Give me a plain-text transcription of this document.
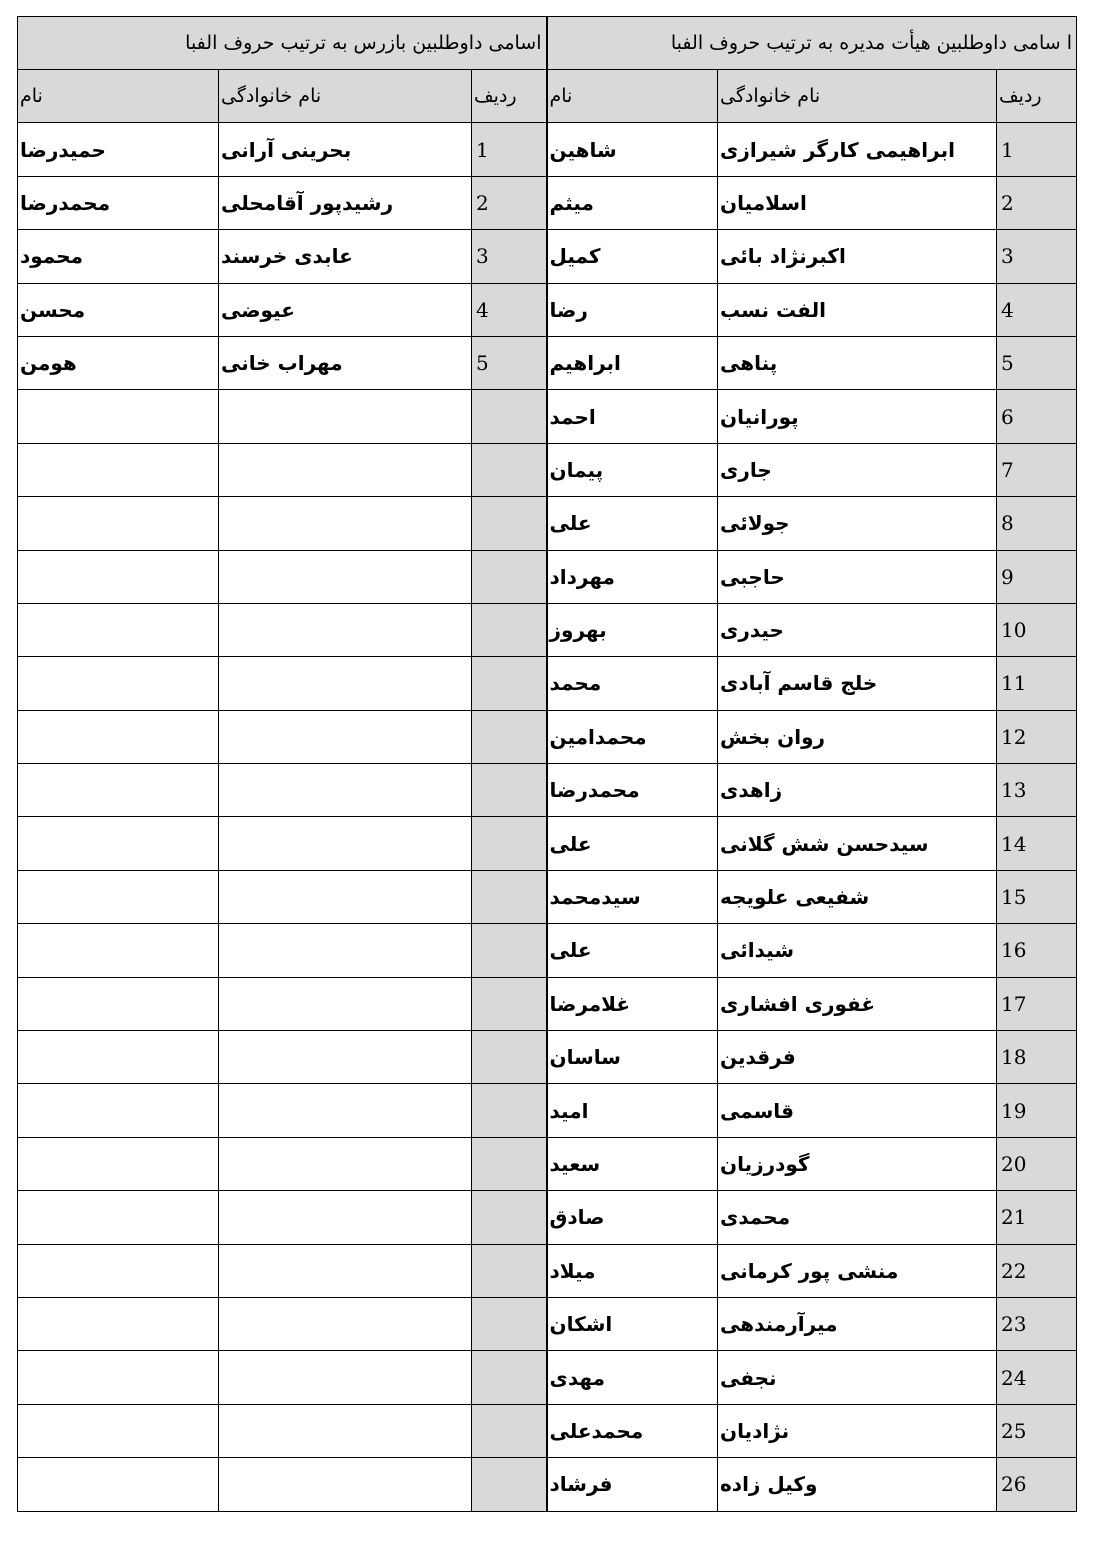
ا سامی داوطلبین هیأت مدیره به ترتیب حروف الفبا			اسامی داوطلبین بازرس به ترتیب حروف الفبا		
ردیف	نام خانوادگی	نام	ردیف	نام خانوادگی	نام
1	ابراهیمی کارگر شیرازی	شاهین	1	بحرینی آرانی	حمیدرضا
2	اسلامیان	میثم	2	رشیدپور آقامحلی	محمدرضا
3	اکبرنژاد بائی	کمیل	3	عابدی خرسند	محمود
4	الفت نسب	رضا	4	عیوضی	محسن
5	پناهی	ابراهیم	5	مهراب خانی	هومن
6	پورانیان	احمد			
7	جاری	پیمان			
8	جولائی	علی			
9	حاجبی	مهرداد			
10	حیدری	بهروز			
11	خلج قاسم آبادی	محمد			
12	روان بخش	محمدامین			
13	زاهدی	محمدرضا			
14	سیدحسن شش گلانی	علی			
15	شفیعی علویجه	سیدمحمد			
16	شیدائی	علی			
17	غفوری افشاری	غلامرضا			
18	فرقدین	ساسان			
19	قاسمی	امید			
20	گودرزیان	سعید			
21	محمدی	صادق			
22	منشی پور کرمانی	میلاد			
23	میرآرمندهی	اشکان			
24	نجفی	مهدی			
25	نژادیان	محمدعلی			
26	وکیل زاده	فرشاد			
